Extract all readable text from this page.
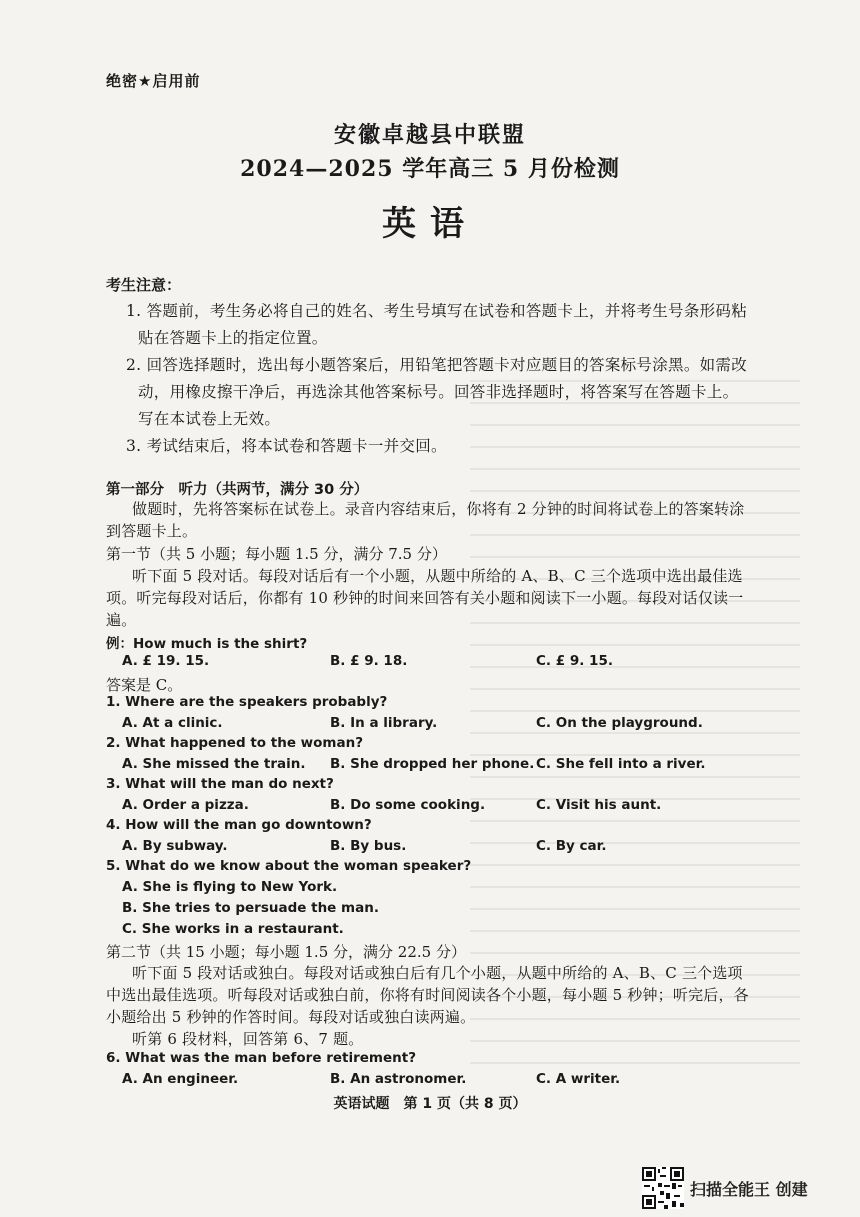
绝密★启用前
安徽卓越县中联盟
2024—2025 学年高三 5 月份检测
英语
考生注意：
1. 答题前，考生务必将自己的姓名、考生号填写在试卷和答题卡上，并将考生号条形码粘贴在答题卡上的指定位置。
2. 回答选择题时，选出每小题答案后，用铅笔把答题卡对应题目的答案标号涂黑。如需改动，用橡皮擦干净后，再选涂其他答案标号。回答非选择题时，将答案写在答题卡上。写在本试卷上无效。
3. 考试结束后，将本试卷和答题卡一并交回。
第一部分　听力（共两节，满分 30 分）
做题时，先将答案标在试卷上。录音内容结束后，你将有 2 分钟的时间将试卷上的答案转涂到答题卡上。
第一节（共 5 小题；每小题 1.5 分，满分 7.5 分）
听下面 5 段对话。每段对话后有一个小题，从题中所给的 A、B、C 三个选项中选出最佳选项。听完每段对话后，你都有 10 秒钟的时间来回答有关小题和阅读下一小题。每段对话仅读一遍。
例：How much is the shirt?
A. £ 19. 15.	B. £ 9. 18.	C. £ 9. 15.
答案是 C。
1. Where are the speakers probably?
A. At a clinic.	B. In a library.	C. On the playground.
2. What happened to the woman?
A. She missed the train. B. She dropped her phone. C. She fell into a river.
3. What will the man do next?
A. Order a pizza.	B. Do some cooking.	C. Visit his aunt.
4. How will the man go downtown?
A. By subway.	B. By bus.	C. By car.
5. What do we know about the woman speaker?
A. She is flying to New York.
B. She tries to persuade the man.
C. She works in a restaurant.
第二节（共 15 小题；每小题 1.5 分，满分 22.5 分）
听下面 5 段对话或独白。每段对话或独白后有几个小题，从题中所给的 A、B、C 三个选项中选出最佳选项。听每段对话或独白前，你将有时间阅读各个小题，每小题 5 秒钟；听完后，各小题给出 5 秒钟的作答时间。每段对话或独白读两遍。
听第 6 段材料，回答第 6、7 题。
6. What was the man before retirement?
A. An engineer.	B. An astronomer.	C. A writer.
英语试题　第 1 页（共 8 页）
扫描全能王 创建
